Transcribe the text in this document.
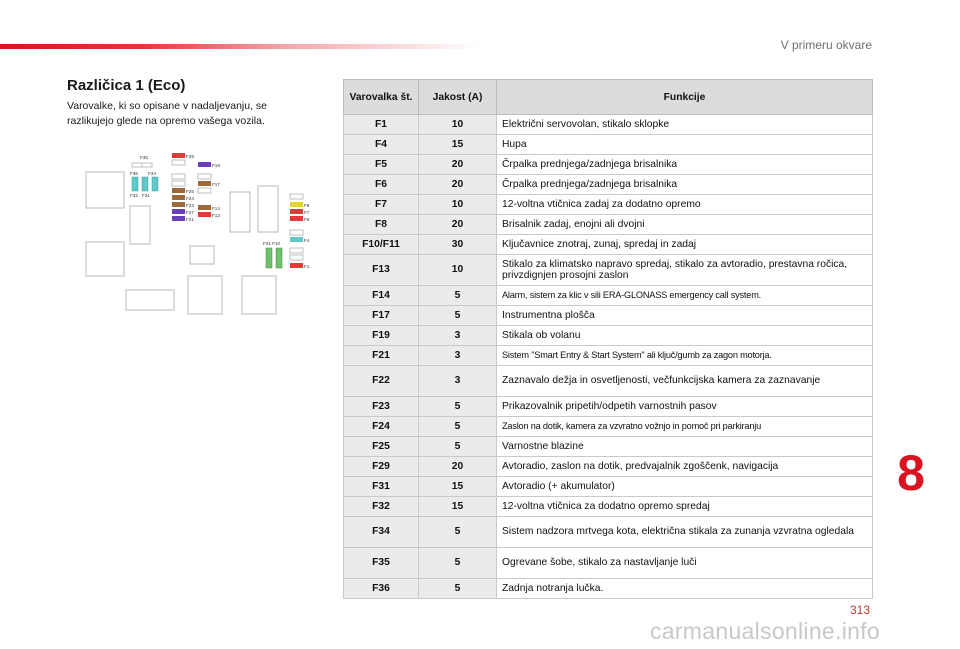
V primeru okvare
Različica 1 (Eco)
Varovalke, ki so opisane v nadaljevanju, se razlikujejo glede na opremo vašega vozila.
F35	F29
F19
F36 F34
F17
F32 F31
F25
F24
F23
F14
F27
F13
F21
F8
F7
F6
F4
F31 F10
F1
Varovalka št.	Jakost (A)	Funkcije
F1	10	Električni servovolan, stikalo sklopke
F4	15	Hupa
F5	20	Črpalka prednjega/zadnjega brisalnika
F6	20	Črpalka prednjega/zadnjega brisalnika
F7	10	12-voltna vtičnica zadaj za dodatno opremo
F8	20	Brisalnik zadaj, enojni ali dvojni
F10/F11	30	Ključavnice znotraj, zunaj, spredaj in zadaj
F13	10	Stikalo za klimatsko napravo spredaj, stikalo za avtoradio, prestavna ročica, privzdignjen prosojni zaslon
F14	5	Alarm, sistem za klic v sili ERA-GLONASS emergency call system.
F17	5	Instrumentna plošča
F19	3	Stikala ob volanu
F21	3	Sistem "Smart Entry & Start System" ali ključ/gumb za zagon motorja.
F22	3	Zaznavalo dežja in osvetljenosti, večfunkcijska kamera za zaznavanje
F23	5	Prikazovalnik pripetih/odpetih varnostnih pasov
F24	5	Zaslon na dotik, kamera za vzvratno vožnjo in pomoč pri parkiranju
F25	5	Varnostne blazine
F29	20	Avtoradio, zaslon na dotik, predvajalnik zgoščenk, navigacija
F31	15	Avtoradio (+ akumulator)
F32	15	12-voltna vtičnica za dodatno opremo spredaj
F34	5	Sistem nadzora mrtvega kota, električna stikala za zunanja vzvratna ogledala
F35	5	Ogrevane šobe, stikalo za nastavljanje luči
F36	5	Zadnja notranja lučka.
8
313
carmanualsonline.info
